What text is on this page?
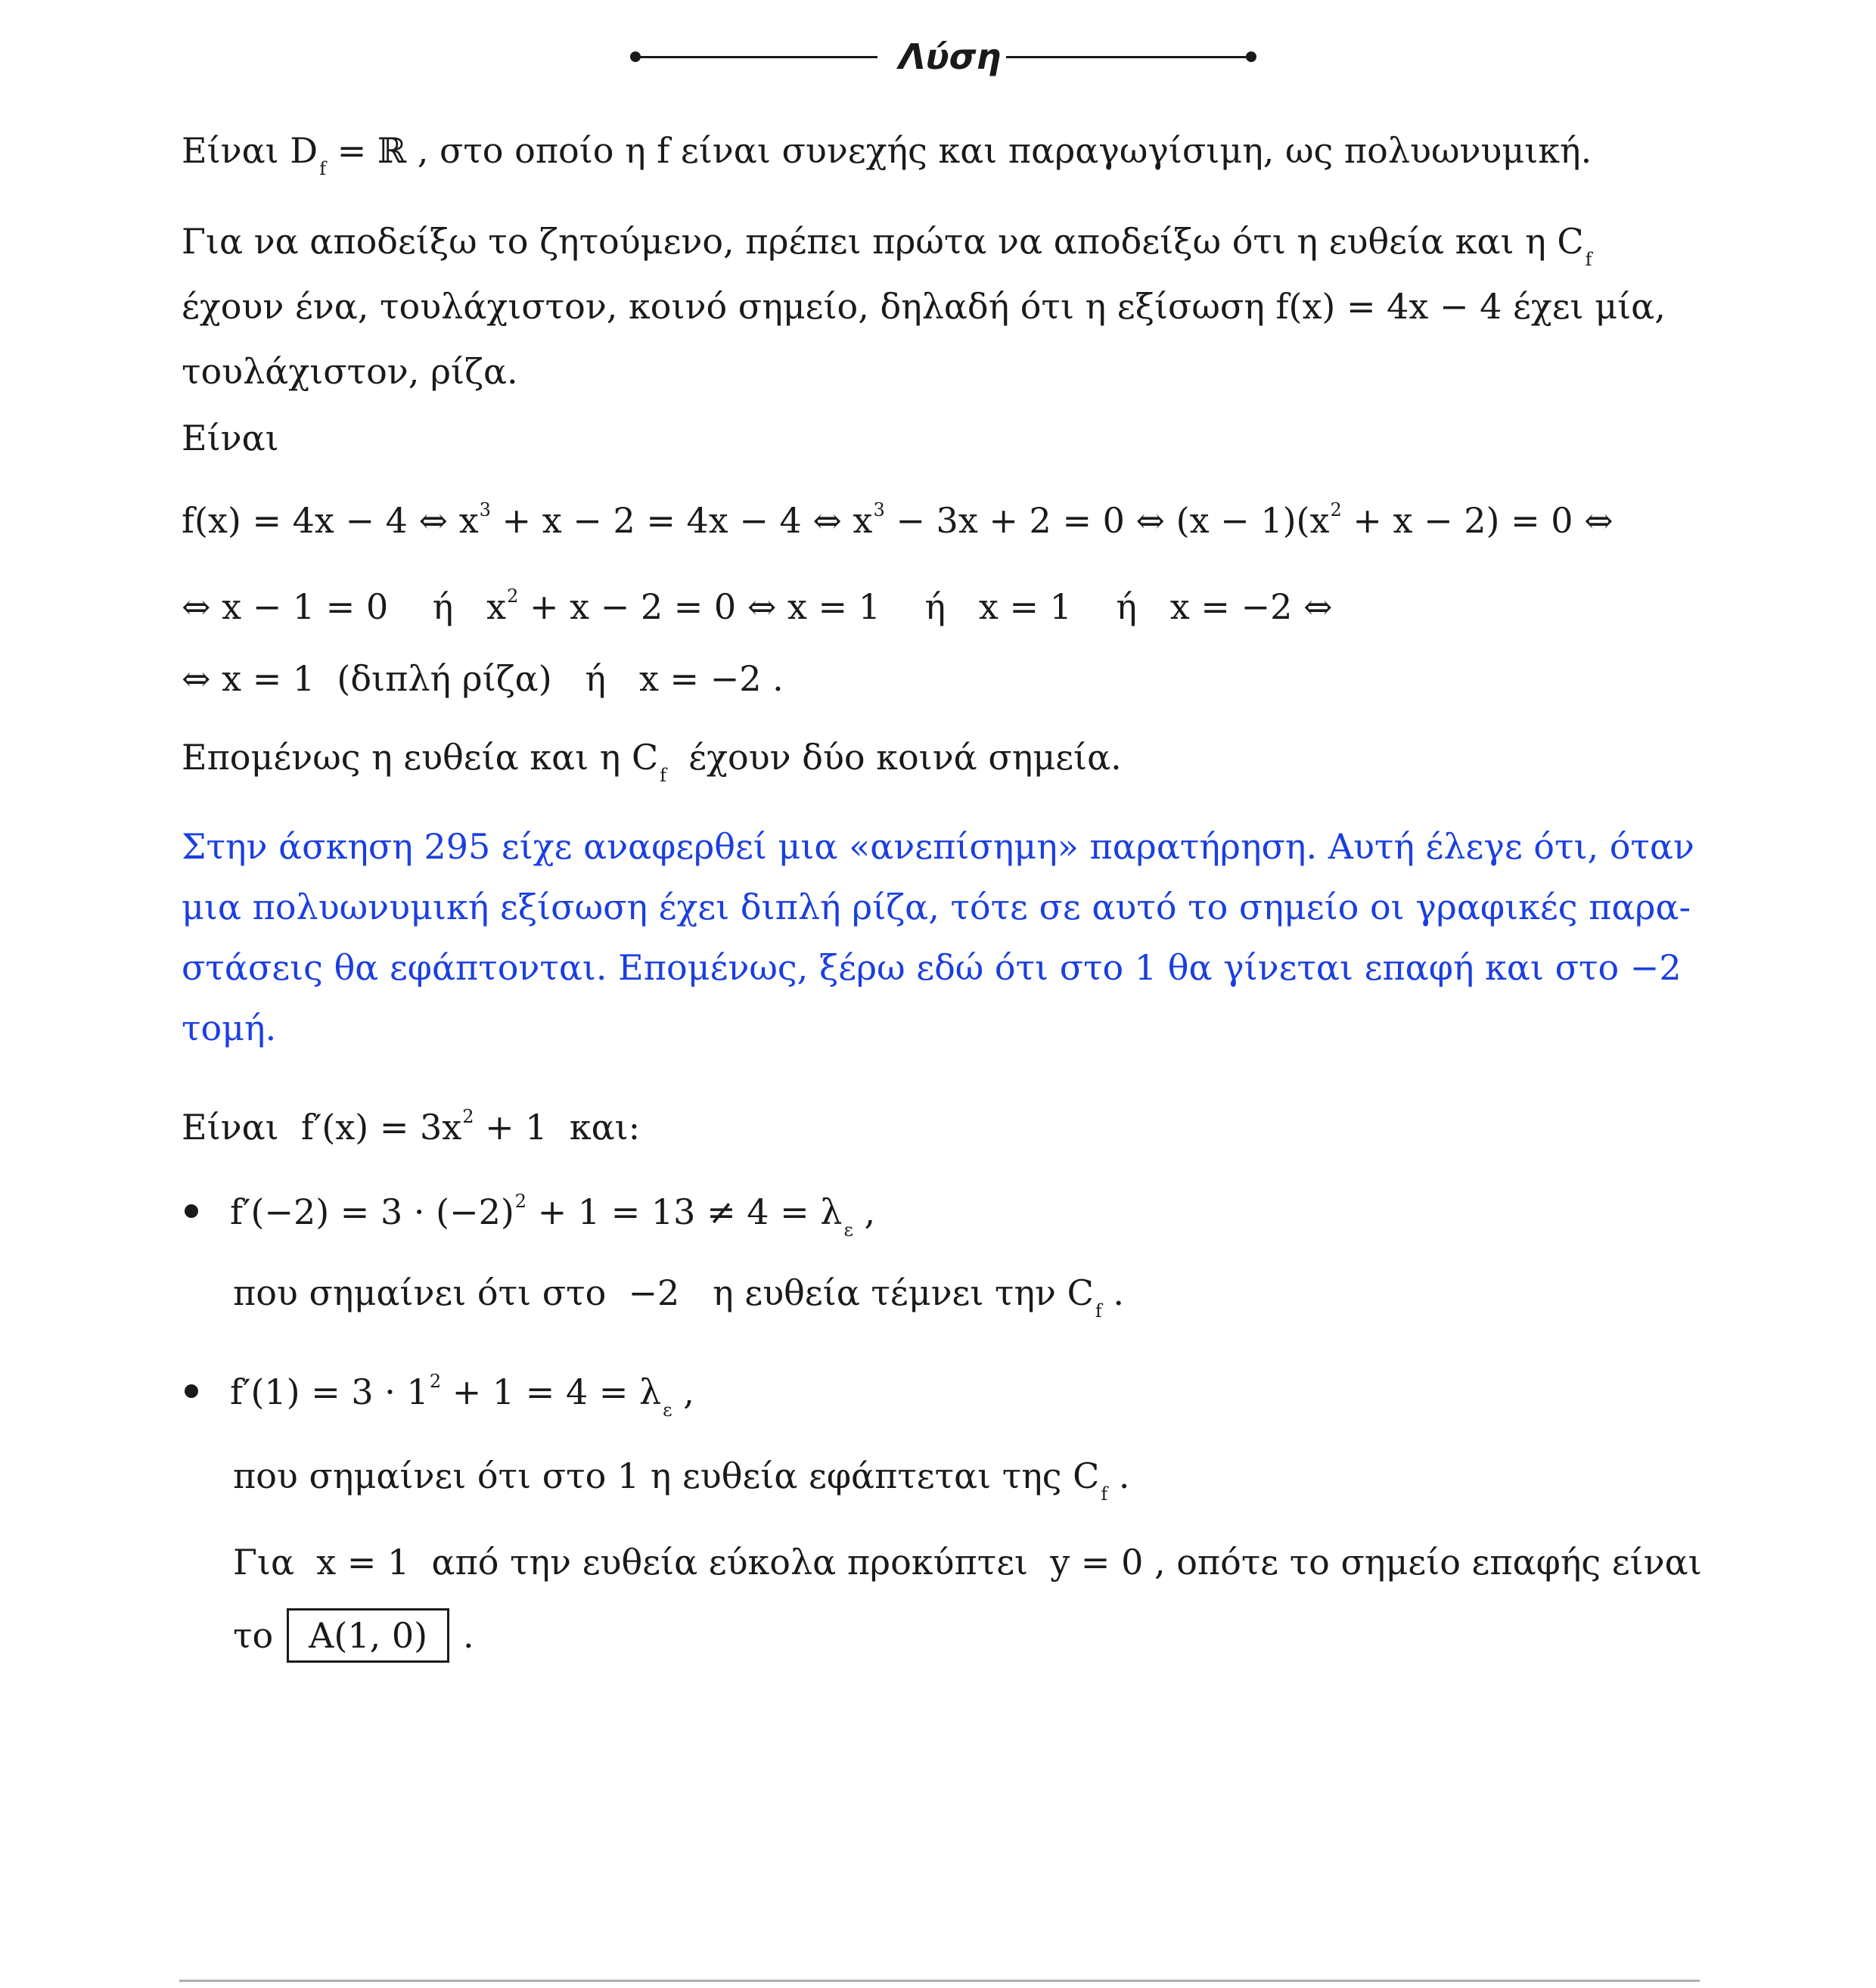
Λύση
Είναι $D_f$ = ℝ , στο οποίο η f είναι συνεχής και παραγωγίσιμη, ως πολυωνυμική.
Για να αποδείξω το ζητούμενο, πρέπει πρώτα να αποδείξω ότι η ευθεία και η $C_f$
έχουν ένα, τουλάχιστον, κοινό σημείο, δηλαδή ότι η εξίσωση f(x) = 4x − 4 έχει μία,
τουλάχιστον, ρίζα.
Είναι
f(x) = 4x − 4 ⇔ $x^3 + x - 2 = 4x - 4$ ⇔ $x^3 - 3x + 2 = 0$ ⇔ $(x - 1)(x^2 + x - 2) = 0$ ⇔
⇔ x − 1 = 0    ή   $x^2 + x - 2 = 0$ ⇔ x = 1    ή   x = 1    ή   x = −2 ⇔
⇔ x = 1  (διπλή ρίζα)   ή   x = −2 .
Επομένως η ευθεία και η $C_f$  έχουν δύο κοινά σημεία.
Στην άσκηση 295 είχε αναφερθεί μια «ανεπίσημη» παρατήρηση. Αυτή έλεγε ότι, όταν
μια πολυωνυμική εξίσωση έχει διπλή ρίζα, τότε σε αυτό το σημείο οι γραφικές παρα-
στάσεις θα εφάπτονται. Επομένως, ξέρω εδώ ότι στο 1 θα γίνεται επαφή και στο −2
τομή.
Είναι  $f'(x) = 3x^2 + 1$  και:
$f'(-2) = 3 \cdot (-2)^2 + 1 = 13 \ne 4 = \lambda_\varepsilon$ ,
που σημαίνει ότι στο  −2   η ευθεία τέμνει την $C_f$ .
$f'(1) = 3 \cdot 1^2 + 1 = 4 = \lambda_\varepsilon$ ,
που σημαίνει ότι στο 1 η ευθεία εφάπτεται της $C_f$ .
Για  x = 1  από την ευθεία εύκολα προκύπτει  y = 0 , οπότε το σημείο επαφής είναι
το A(1, 0) .
